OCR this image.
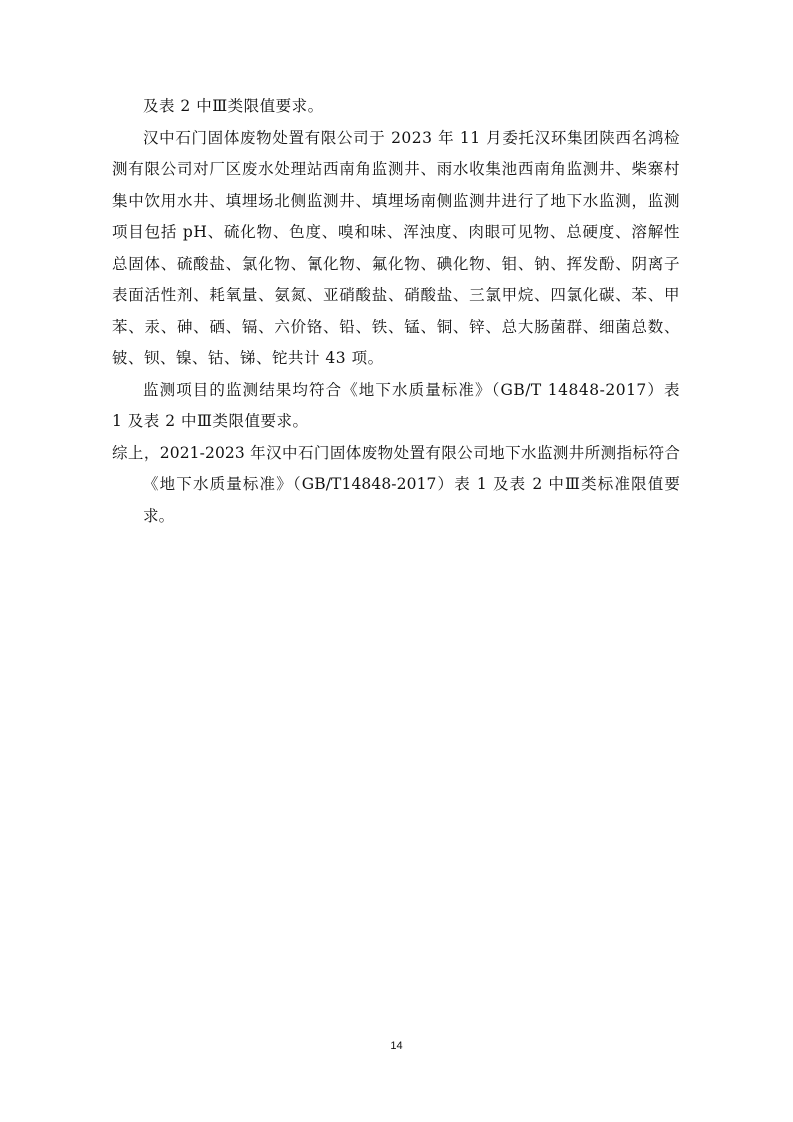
及表 2 中Ⅲ类限值要求。

汉中石门固体废物处置有限公司于 2023 年 11 月委托汉环集团陕西名鸿检测有限公司对厂区废水处理站西南角监测井、雨水收集池西南角监测井、柴寨村集中饮用水井、填埋场北侧监测井、填埋场南侧监测井进行了地下水监测，监测项目包括 pH、硫化物、色度、嗅和味、浑浊度、肉眼可见物、总硬度、溶解性总固体、硫酸盐、氯化物、氰化物、氟化物、碘化物、钼、钠、挥发酚、阴离子表面活性剂、耗氧量、氨氮、亚硝酸盐、硝酸盐、三氯甲烷、四氯化碳、苯、甲苯、汞、砷、硒、镉、六价铬、铅、铁、锰、铜、锌、总大肠菌群、细菌总数、铍、钡、镍、钴、锑、铊共计 43 项。

监测项目的监测结果均符合《地下水质量标准》（GB/T 14848-2017）表 1 及表 2 中Ⅲ类限值要求。

综上，2021-2023 年汉中石门固体废物处置有限公司地下水监测井所测指标符合《地下水质量标准》（GB/T14848-2017）表 1 及表 2 中Ⅲ类标准限值要求。

14
